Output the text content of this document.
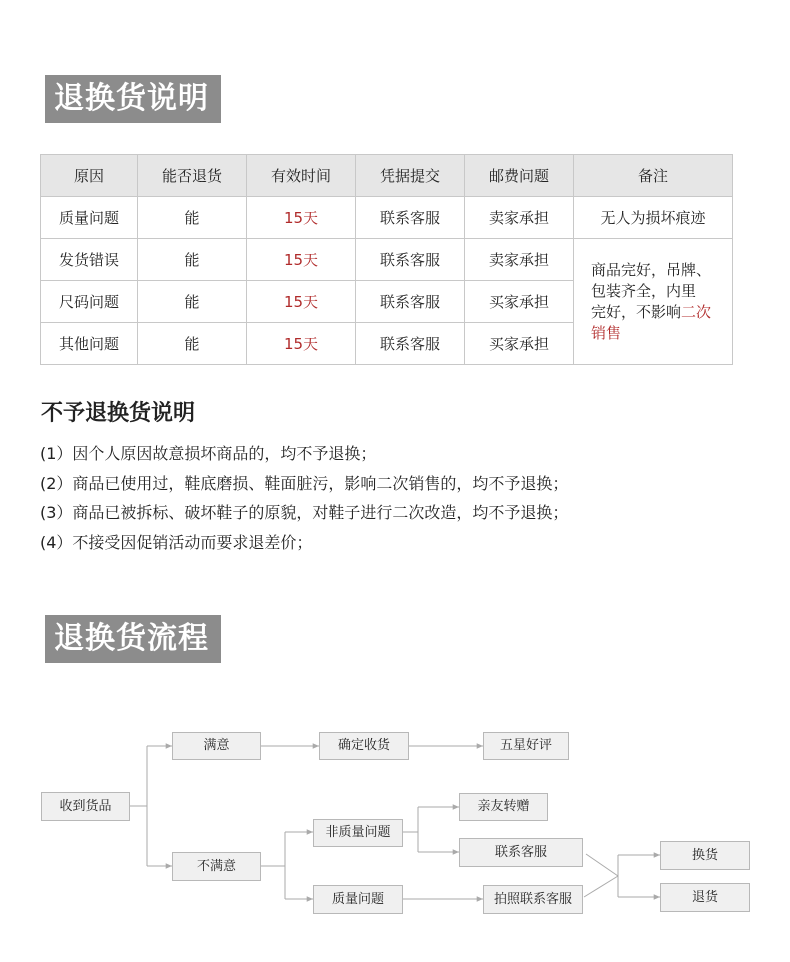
退换货说明
原因	能否退货	有效时间	凭据提交	邮费问题	备注
质量问题	能	15天	联系客服	卖家承担	无人为损坏痕迹
发货错误	能	15天	联系客服	卖家承担	商品完好，吊牌、
包装齐全，内里
完好，不影响二次
销售
尺码问题	能	15天	联系客服	买家承担	
其他问题	能	15天	联系客服	买家承担	
不予退换货说明
(1）因个人原因故意损坏商品的，均不予退换；
(2）商品已使用过，鞋底磨损、鞋面脏污，影响二次销售的，均不予退换；
(3）商品已被拆标、破坏鞋子的原貌，对鞋子进行二次改造，均不予退换；
(4）不接受因促销活动而要求退差价；
退换货流程
收到货品
满意	确定收货	五星好评
不满意
非质量问题
质量问题
亲友转赠
联系客服
拍照联系客服
换货
退货
